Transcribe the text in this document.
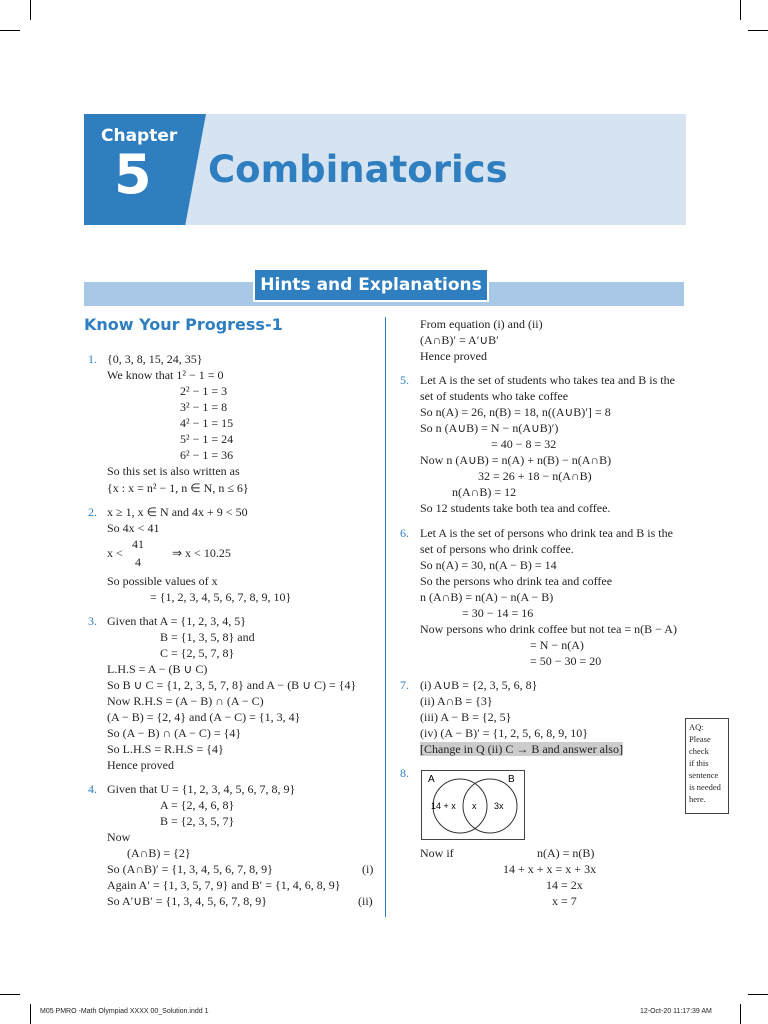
Chapter
5 Combinatorics
Hints and Explanations
Know Your Progress-1
1. {0, 3, 8, 15, 24, 35}
We know that 1² − 1 = 0
2² − 1 = 3
3² − 1 = 8
4² − 1 = 15
5² − 1 = 24
6² − 1 = 36
So this set is also written as
{x : x = n² − 1, n ∈ N, n ≤ 6}
2. x ≥ 1, x ∈ N and 4x + 9 < 50
So 4x < 41
41
x <	⇒ x < 10.25
4
So possible values of x
= {1, 2, 3, 4, 5, 6, 7, 8, 9, 10}
3. Given that A = {1, 2, 3, 4, 5}
B = {1, 3, 5, 8} and
C = {2, 5, 7, 8}
L.H.S = A − (B ∪ C)
So B ∪ C = {1, 2, 3, 5, 7, 8} and A − (B ∪ C) = {4}
Now R.H.S = (A − B) ∩ (A − C)
(A − B) = {2, 4} and (A − C) = {1, 3, 4}
So (A − B) ∩ (A − C) = {4}
So L.H.S = R.H.S = {4}
Hence proved
4. Given that U = {1, 2, 3, 4, 5, 6, 7, 8, 9}
A = {2, 4, 6, 8}
B = {2, 3, 5, 7}
Now
(A∩B) = {2}
So (A∩B)′ = {1, 3, 4, 5, 6, 7, 8, 9}	(i)
Again A′ = {1, 3, 5, 7, 9} and B′ = {1, 4, 6, 8, 9}
So A′∪B′ = {1, 3, 4, 5, 6, 7, 8, 9}	(ii)
From equation (i) and (ii)
(A∩B)′ = A′∪B′
Hence proved
5. Let A is the set of students who takes tea and B is the
set of students who take coffee
So n(A) = 26, n(B) = 18, n((A∪B)′] = 8
So n (A∪B) = N − n(A∪B)′)
= 40 − 8 = 32
Now n (A∪B) = n(A) + n(B) − n(A∩B)
32 = 26 + 18 − n(A∩B)
n(A∩B) = 12
So 12 students take both tea and coffee.
6. Let A is the set of persons who drink tea and B is the
set of persons who drink coffee.
So n(A) = 30, n(A − B) = 14
So the persons who drink tea and coffee
n (A∩B) = n(A) − n(A − B)
= 30 − 14 = 16
Now persons who drink coffee but not tea = n(B − A)
= N − n(A)
= 50 − 30 = 20
7. (i) A∪B = {2, 3, 5, 6, 8}
(ii) A∩B = {3}
(iii) A − B = {2, 5}
(iv) (A − B)′ = {1, 2, 5, 6, 8, 9, 10}
[Change in Q (ii) C → B and answer also]
8.
Now if	n(A) = n(B)
14 + x + x = x + 3x
14 = 2x
x = 7
A	B
14 + x x 3x
AQ:
Please
check
if this
sentence
is needed
here.
M05 PMRO -Math Olympiad XXXX 00_Solution.indd 1	12-Oct-20 11:17:39 AM
